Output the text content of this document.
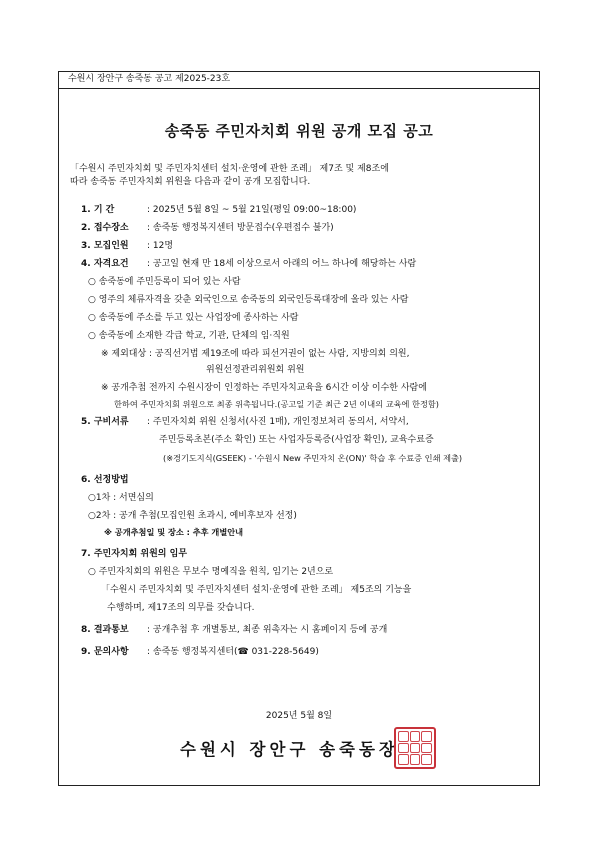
수원시 장안구 송죽동 공고 제2025-23호
송죽동 주민자치회 위원 공개 모집 공고
「수원시 주민자치회 및 주민자치센터 설치·운영에 관한 조례」 제7조 및 제8조에
따라 송죽동 주민자치회 위원을 다음과 같이 공개 모집합니다.
1. 기 간	: 2025년 5월 8일 ~ 5월 21일(평일 09:00~18:00)
2. 접수장소 : 송죽동 행정복지센터 방문접수(우편접수 불가)
3. 모집인원 : 12명
4. 자격요건 : 공고일 현재 만 18세 이상으로서 아래의 어느 하나에 해당하는 사람
○ 송죽동에 주민등록이 되어 있는 사람
○ 영주의 체류자격을 갖춘 외국인으로 송죽동의 외국인등록대장에 올라 있는 사람
○ 송죽동에 주소를 두고 있는 사업장에 종사하는 사람
○ 송죽동에 소재한 각급 학교, 기관, 단체의 임·직원
※ 제외대상 : 공직선거법 제19조에 따라 피선거권이 없는 사람, 지방의회 의원,
위원선정관리위원회 위원
※ 공개추첨 전까지 수원시장이 인정하는 주민자치교육을 6시간 이상 이수한 사람에
한하여 주민자치회 위원으로 최종 위촉됩니다.(공고일 기준 최근 2년 이내의 교육에 한정함)
5. 구비서류 : 주민자치회 위원 신청서(사진 1매), 개인정보처리 동의서, 서약서,
주민등록초본(주소 확인) 또는 사업자등록증(사업장 확인), 교육수료증
(※경기도지식(GSEEK) - '수원시 New 주민자치 온(ON)' 학습 후 수료증 인쇄 제출)
6. 선정방법
○1차 : 서면심의
○2차 : 공개 추첨(모집인원 초과시, 예비후보자 선정)
※ 공개추첨일 및 장소 : 추후 개별안내
7. 주민자치회 위원의 임무
○ 주민자치회의 위원은 무보수 명예직을 원칙, 임기는 2년으로
「수원시 주민자치회 및 주민자치센터 설치·운영에 관한 조례」 제5조의 기능을
수행하며, 제17조의 의무를 갖습니다.
8. 결과통보 : 공개추첨 후 개별통보, 최종 위촉자는 시 홈페이지 등에 공개
9. 문의사항 : 송죽동 행정복지센터(☎ 031-228-5649)
2025년 5월 8일
수원시 장안구 송죽동장
